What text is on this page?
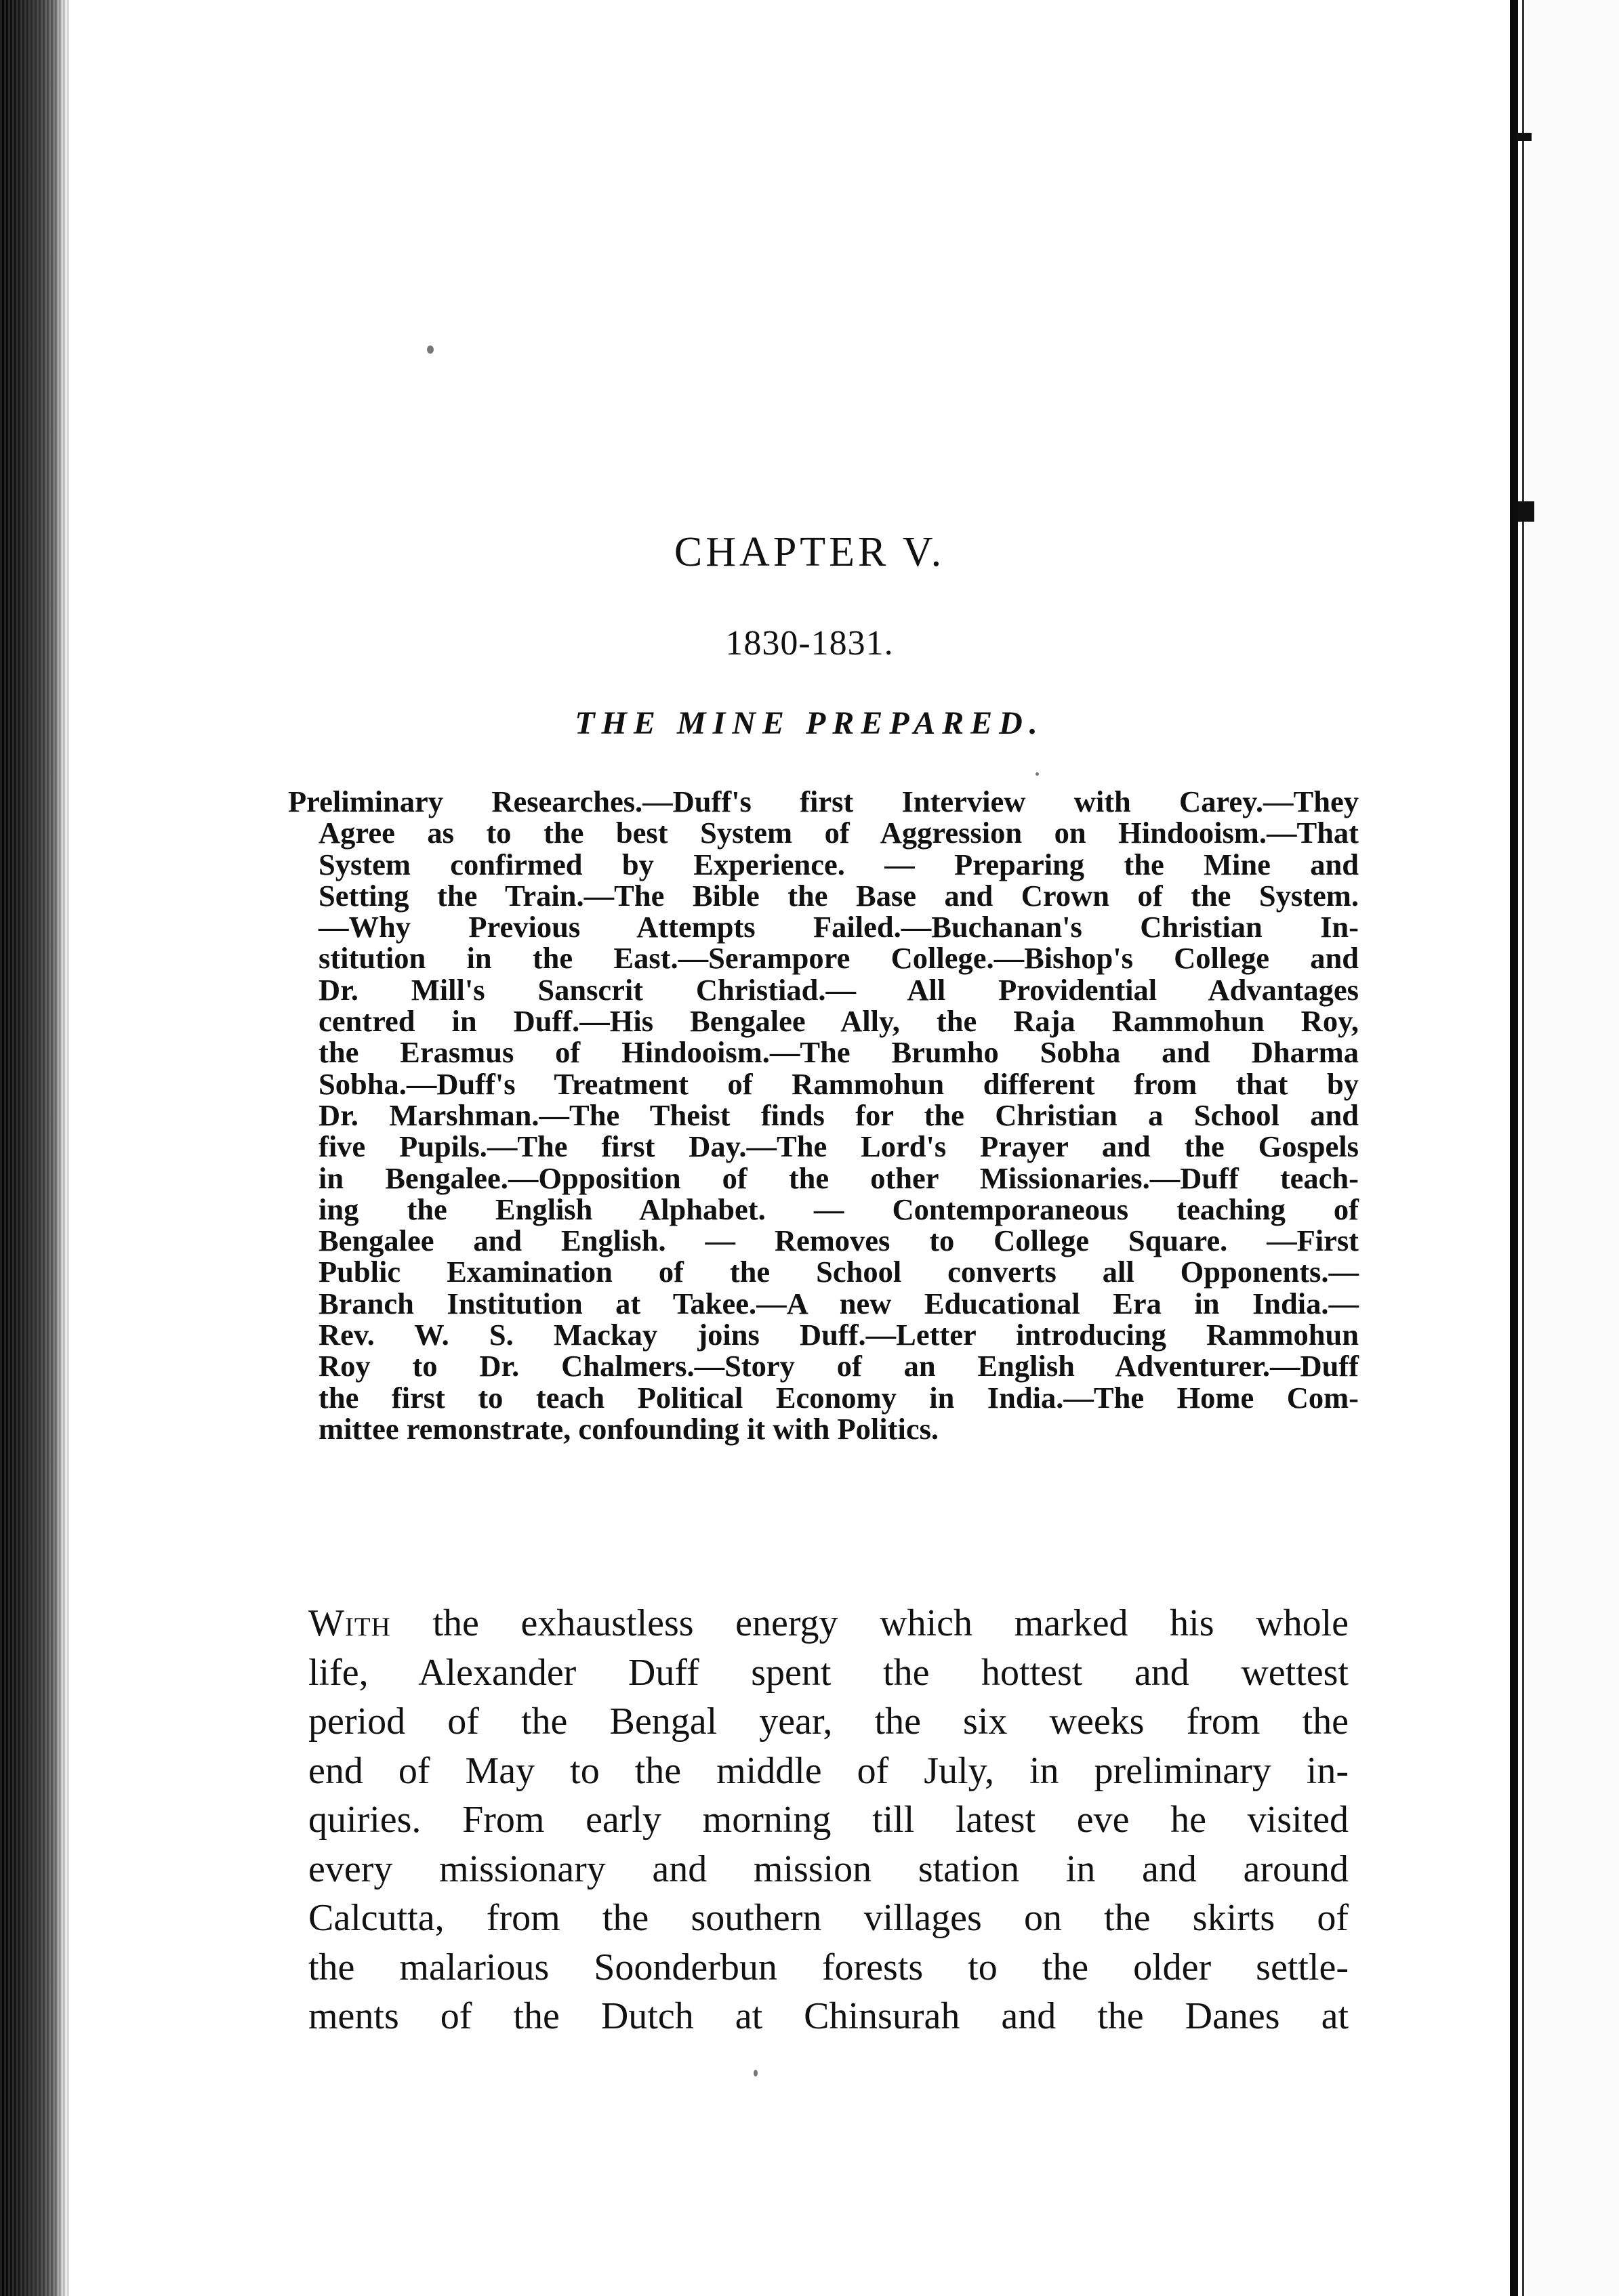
CHAPTER V.
1830-1831.
THE MINE PREPARED.
Preliminary Researches.—Duff's first Interview with Carey.—They
Agree as to the best System of Aggression on Hindooism.—That
System confirmed by Experience. — Preparing the Mine and
Setting the Train.—The Bible the Base and Crown of the System.
—Why Previous Attempts Failed.—Buchanan's Christian In-
stitution in the East.—Serampore College.—Bishop's College and
Dr. Mill's Sanscrit Christiad.— All Providential Advantages
centred in Duff.—His Bengalee Ally, the Raja Rammohun Roy,
the Erasmus of Hindooism.—The Brumho Sobha and Dharma
Sobha.—Duff's Treatment of Rammohun different from that by
Dr. Marshman.—The Theist finds for the Christian a School and
five Pupils.—The first Day.—The Lord's Prayer and the Gospels
in Bengalee.—Opposition of the other Missionaries.—Duff teach-
ing the English Alphabet. — Contemporaneous teaching of
Bengalee and English. — Removes to College Square. —First
Public Examination of the School converts all Opponents.—
Branch Institution at Takee.—A new Educational Era in India.—
Rev. W. S. Mackay joins Duff.—Letter introducing Rammohun
Roy to Dr. Chalmers.—Story of an English Adventurer.—Duff
the first to teach Political Economy in India.—The Home Com-
mittee remonstrate, confounding it with Politics.
With the exhaustless energy which marked his whole
life, Alexander Duff spent the hottest and wettest
period of the Bengal year, the six weeks from the
end of May to the middle of July, in preliminary in-
quiries. From early morning till latest eve he visited
every missionary and mission station in and around
Calcutta, from the southern villages on the skirts of
the malarious Soonderbun forests to the older settle-
ments of the Dutch at Chinsurah and the Danes at
